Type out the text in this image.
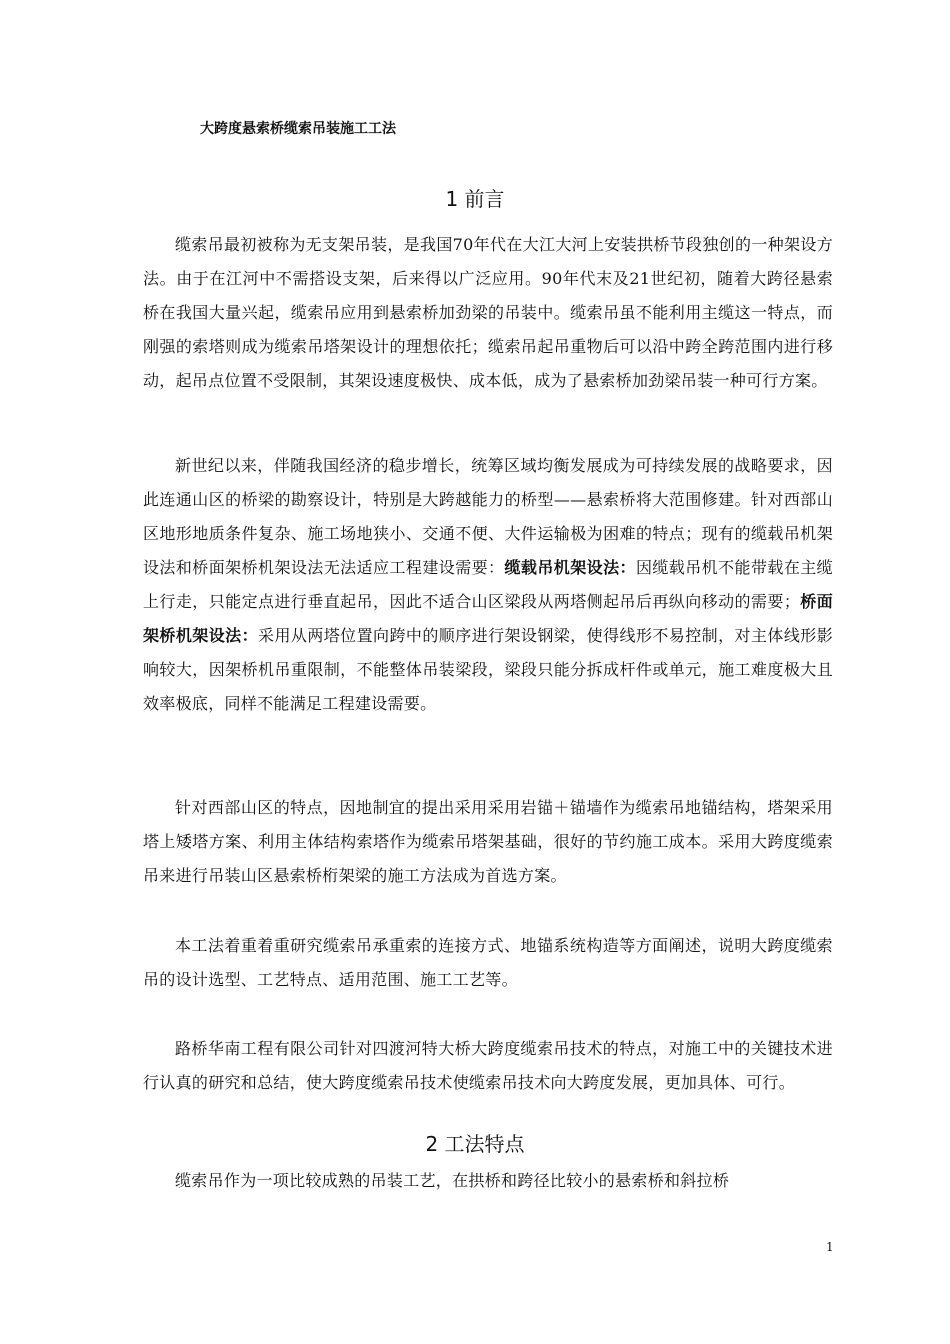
大跨度悬索桥缆索吊装施工工法
1 前言

缆索吊最初被称为无支架吊装，是我国70年代在大江大河上安装拱桥节段独创的一种架设方法。由于在江河中不需搭设支架，后来得以广泛应用。90年代末及21世纪初，随着大跨径悬索桥在我国大量兴起，缆索吊应用到悬索桥加劲梁的吊装中。缆索吊虽不能利用主缆这一特点，而刚强的索塔则成为缆索吊塔架设计的理想依托；缆索吊起吊重物后可以沿中跨全跨范围内进行移动，起吊点位置不受限制，其架设速度极快、成本低，成为了悬索桥加劲梁吊装一种可行方案。

新世纪以来，伴随我国经济的稳步增长，统筹区域均衡发展成为可持续发展的战略要求，因此连通山区的桥梁的勘察设计，特别是大跨越能力的桥型——悬索桥将大范围修建。针对西部山区地形地质条件复杂、施工场地狭小、交通不便、大件运输极为困难的特点；现有的缆载吊机架设法和桥面架桥机架设法无法适应工程建设需要：缆载吊机架设法：因缆载吊机不能带载在主缆上行走，只能定点进行垂直起吊，因此不适合山区梁段从两塔侧起吊后再纵向移动的需要；桥面架桥机架设法：采用从两塔位置向跨中的顺序进行架设钢梁，使得线形不易控制，对主体线形影响较大，因架桥机吊重限制，不能整体吊装梁段，梁段只能分拆成杆件或单元，施工难度极大且效率极底，同样不能满足工程建设需要。

针对西部山区的特点，因地制宜的提出采用采用岩锚＋锚墙作为缆索吊地锚结构，塔架采用塔上矮塔方案、利用主体结构索塔作为缆索吊塔架基础，很好的节约施工成本。采用大跨度缆索吊来进行吊装山区悬索桥桁架梁的施工方法成为首选方案。

本工法着重着重研究缆索吊承重索的连接方式、地锚系统构造等方面阐述，说明大跨度缆索吊的设计选型、工艺特点、适用范围、施工工艺等。

路桥华南工程有限公司针对四渡河特大桥大跨度缆索吊技术的特点，对施工中的关键技术进行认真的研究和总结，使大跨度缆索吊技术使缆索吊技术向大跨度发展，更加具体、可行。

2 工法特点

缆索吊作为一项比较成熟的吊装工艺，在拱桥和跨径比较小的悬索桥和斜拉桥

1
